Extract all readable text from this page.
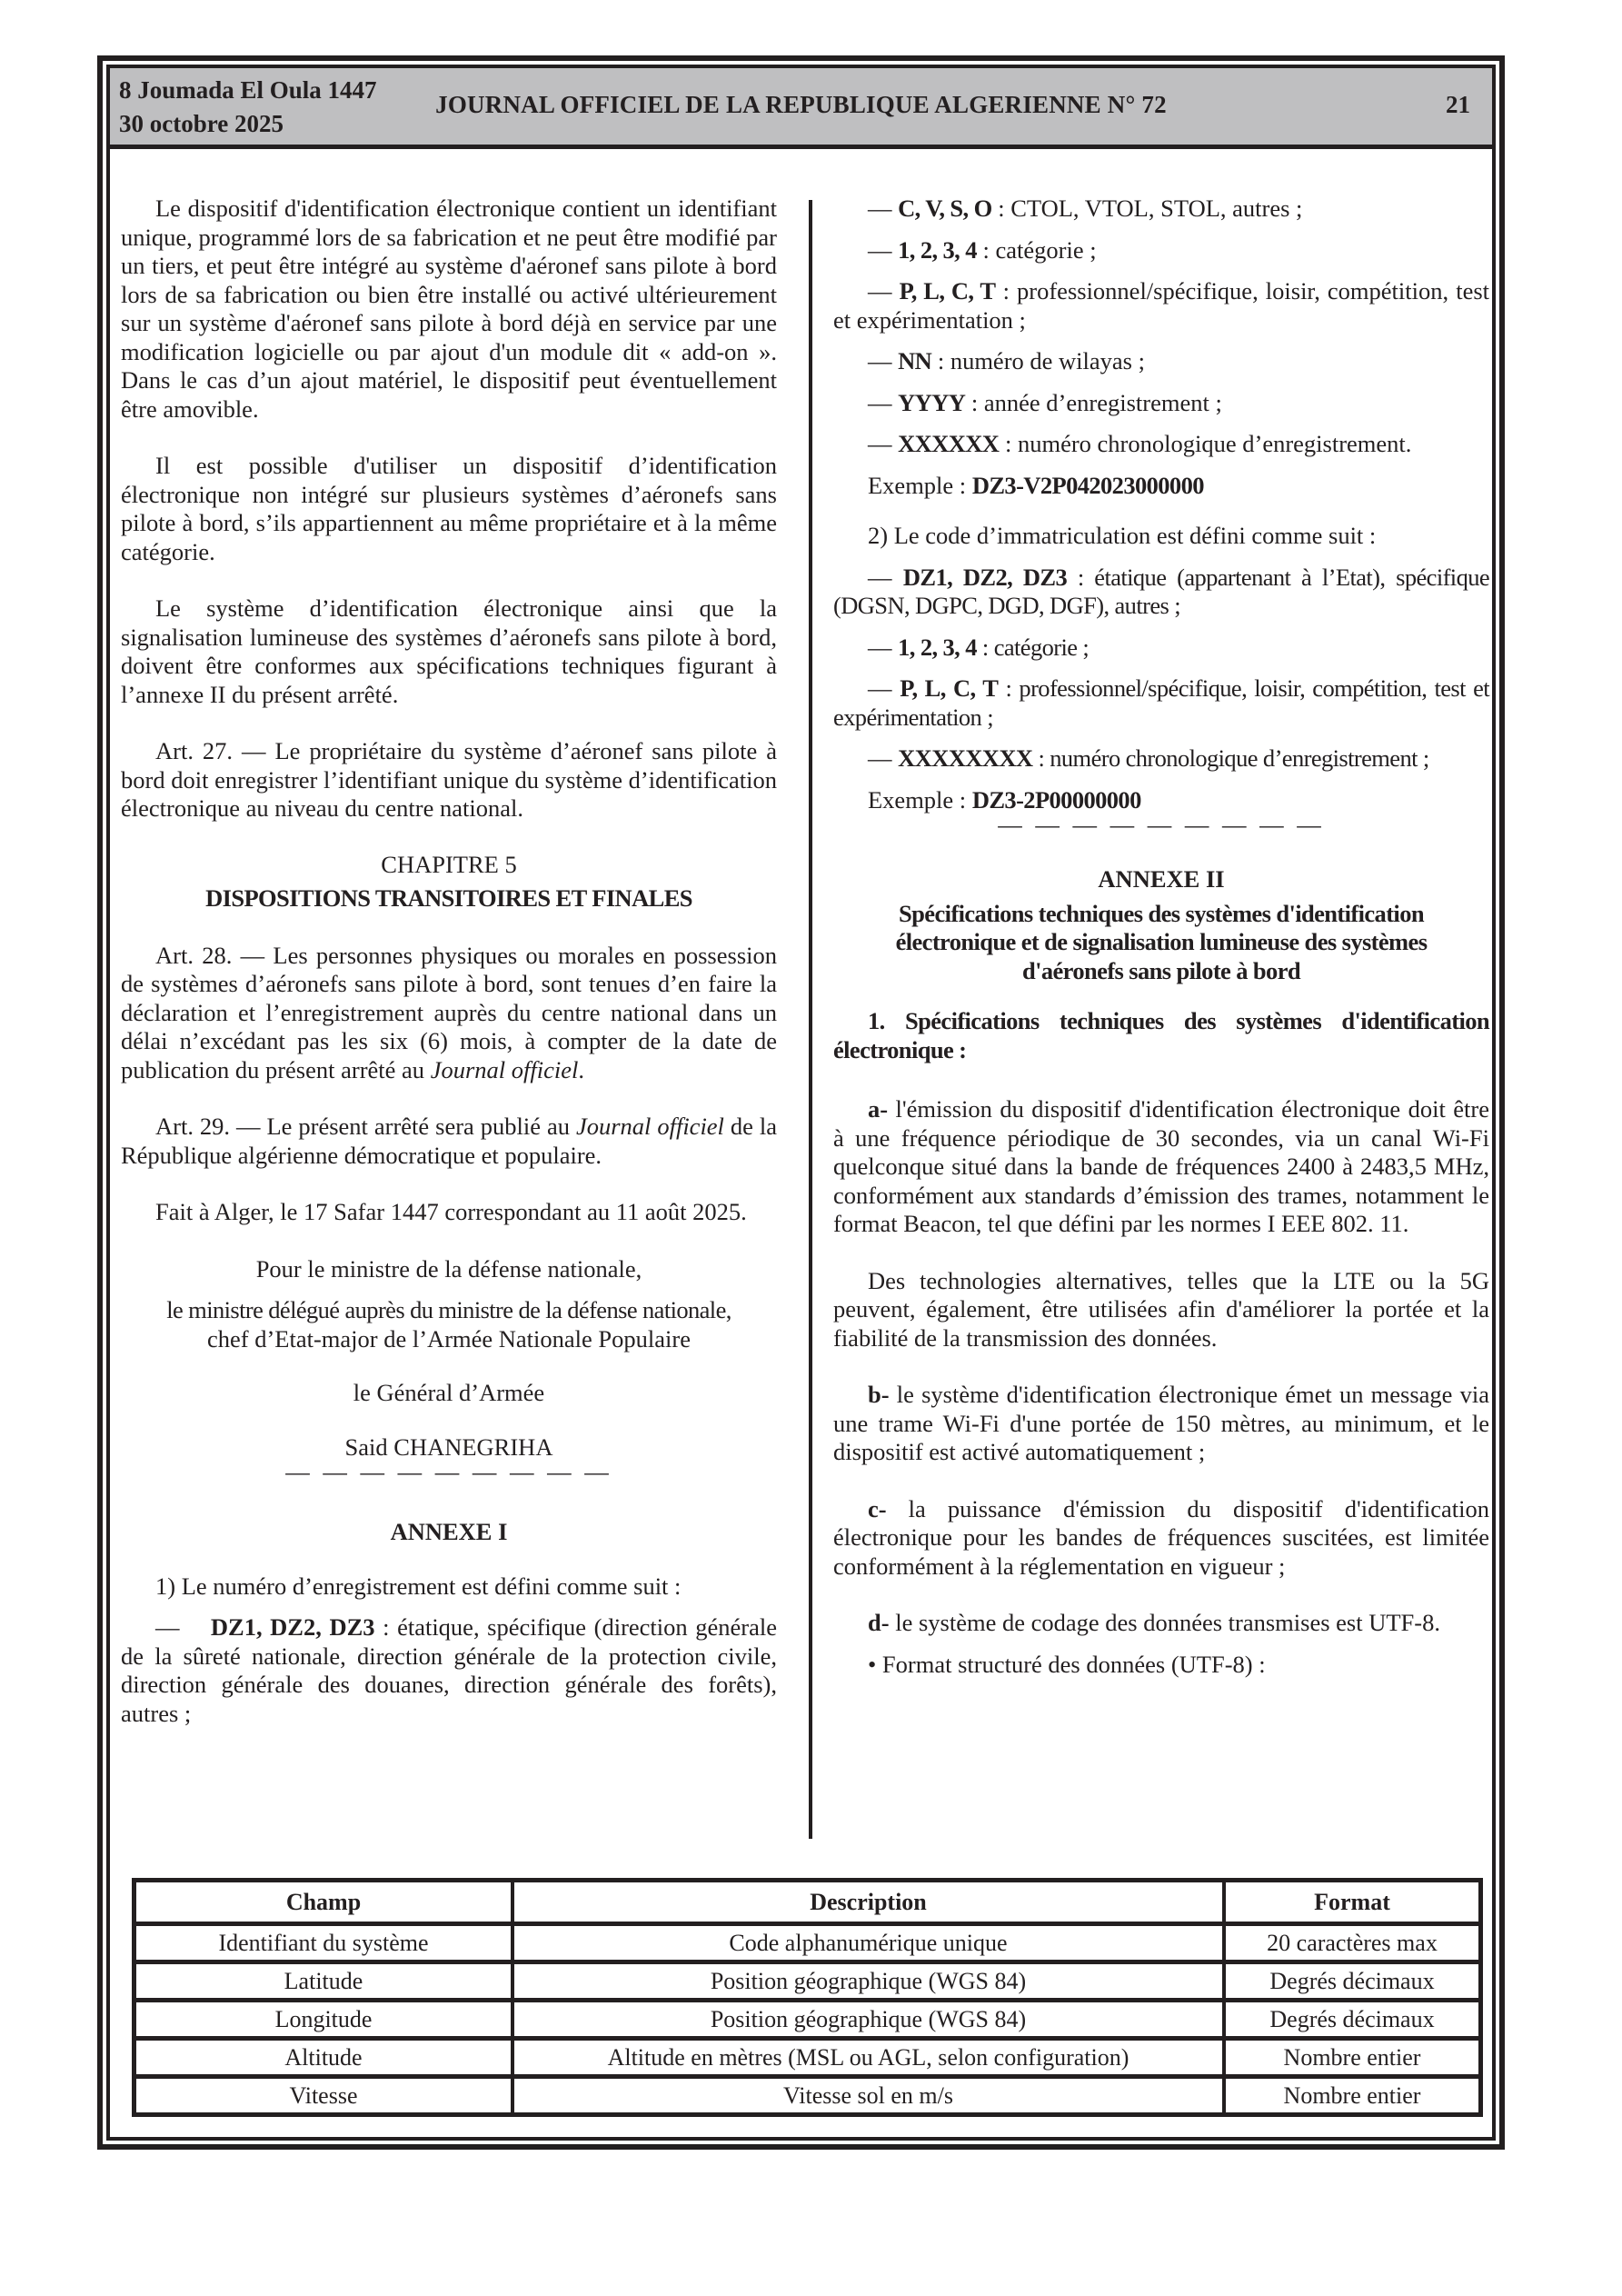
8 Joumada El Oula 1447
30 octobre 2025
JOURNAL OFFICIEL DE LA REPUBLIQUE ALGERIENNE N° 72	21

Le dispositif d'identification électronique contient un identifiant unique, programmé lors de sa fabrication et ne peut être modifié par un tiers, et peut être intégré au système d'aéronef sans pilote à bord lors de sa fabrication ou bien être installé ou activé ultérieurement sur un système d'aéronef sans pilote à bord déjà en service par une modification logicielle ou par ajout d'un module dit « add-on ». Dans le cas d’un ajout matériel, le dispositif peut éventuellement être amovible.

Il est possible d'utiliser un dispositif d’identification électronique non intégré sur plusieurs systèmes d’aéronefs sans pilote à bord, s’ils appartiennent au même propriétaire et à la même catégorie.

Le système d’identification électronique ainsi que la signalisation lumineuse des systèmes d’aéronefs sans pilote à bord, doivent être conformes aux spécifications techniques figurant à l’annexe II du présent arrêté.

Art. 27. — Le propriétaire du système d’aéronef sans pilote à bord doit enregistrer l’identifiant unique du système d’identification électronique au niveau du centre national.

CHAPITRE 5

DISPOSITIONS TRANSITOIRES ET FINALES

Art. 28. — Les personnes physiques ou morales en possession de systèmes d’aéronefs sans pilote à bord, sont tenues d’en faire la déclaration et l’enregistrement auprès du centre national dans un délai n’excédant pas les six (6) mois, à compter de la date de publication du présent arrêté au Journal officiel.

Art. 29. — Le présent arrêté sera publié au Journal officiel de la République algérienne démocratique et populaire.

Fait à Alger, le 17 Safar 1447 correspondant au 11 août 2025.

Pour le ministre de la défense nationale,

le ministre délégué auprès du ministre de la défense nationale,

chef d’Etat-major de l’Armée Nationale Populaire

le Général d’Armée

Said CHANEGRIHA

— — — — — — — — —

ANNEXE I

1) Le numéro d’enregistrement est défini comme suit :

— DZ1, DZ2, DZ3 : étatique, spécifique (direction générale de la sûreté nationale, direction générale de la protection civile, direction générale des douanes, direction générale des forêts), autres ;

— C, V, S, O : CTOL, VTOL, STOL, autres ;

— 1, 2, 3, 4 : catégorie ;

— P, L, C, T : professionnel/spécifique, loisir, compétition, test et expérimentation ;

— NN : numéro de wilayas ;

— YYYY : année d’enregistrement ;

— XXXXXX : numéro chronologique d’enregistrement.

Exemple : DZ3-V2P042023000000

2) Le code d’immatriculation est défini comme suit :

— DZ1, DZ2, DZ3 : étatique (appartenant à l’Etat), spécifique (DGSN, DGPC, DGD, DGF), autres ;

— 1, 2, 3, 4 : catégorie ;

— P, L, C, T : professionnel/spécifique, loisir, compétition, test et expérimentation ;

— XXXXXXXX : numéro chronologique d’enregistrement ;

Exemple : DZ3-2P00000000

— — — — — — — — —

ANNEXE II

Spécifications techniques des systèmes d'identification électronique et de signalisation lumineuse des systèmes d'aéronefs sans pilote à bord

1. Spécifications techniques des systèmes d'identification électronique :

a- l'émission du dispositif d'identification électronique doit être à une fréquence périodique de 30 secondes, via un canal Wi-Fi quelconque situé dans la bande de fréquences 2400 à 2483,5 MHz, conformément aux standards d’émission des trames, notamment le format Beacon, tel que défini par les normes I EEE 802. 11.

Des technologies alternatives, telles que la LTE ou la 5G peuvent, également, être utilisées afin d'améliorer la portée et la fiabilité de la transmission des données.

b- le système d'identification électronique émet un message via une trame Wi-Fi d'une portée de 150 mètres, au minimum, et le dispositif est activé automatiquement ;

c- la puissance d'émission du dispositif d'identification électronique pour les bandes de fréquences suscitées, est limitée conformément à la réglementation en vigueur ;

d- le système de codage des données transmises est UTF-8.

• Format structuré des données (UTF-8) :

Champ	Description	Format
Identifiant du système	Code alphanumérique unique	20 caractères max
Latitude	Position géographique (WGS 84)	Degrés décimaux
Longitude	Position géographique (WGS 84)	Degrés décimaux
Altitude	Altitude en mètres (MSL ou AGL, selon configuration)	Nombre entier
Vitesse	Vitesse sol en m/s	Nombre entier
